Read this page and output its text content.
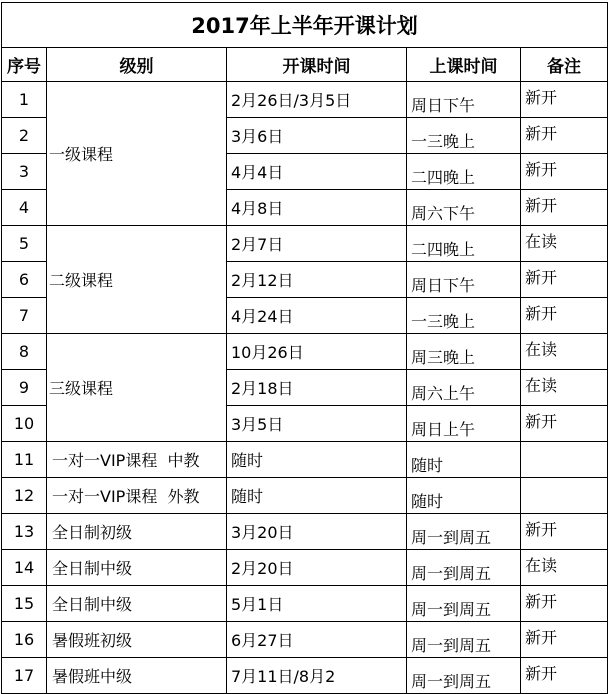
2017年上半年开课计划				
序号	级别	开课时间	上课时间	备注
1	一级课程	2月26日/3月5日	周日下午	新开
2		3月6日	一三晚上	新开
3		4月4日	二四晚上	新开
4		4月8日	周六下午	新开
5	二级课程	2月7日	二四晚上	在读
6		2月12日	周日下午	新开
7		4月24日	一三晚上	新开
8	三级课程	10月26日	周三晚上	在读
9		2月18日	周六上午	在读
10		3月5日	周日上午	新开
11	一对一VIP课程  中教	随时	随时	
12	一对一VIP课程  外教	随时	随时	
13	全日制初级	3月20日	周一到周五	新开
14	全日制中级	2月20日	周一到周五	在读
15	全日制中级	5月1日	周一到周五	新开
16	暑假班初级	6月27日	周一到周五	新开
17	暑假班中级	7月11日/8月2	周一到周五	新开
